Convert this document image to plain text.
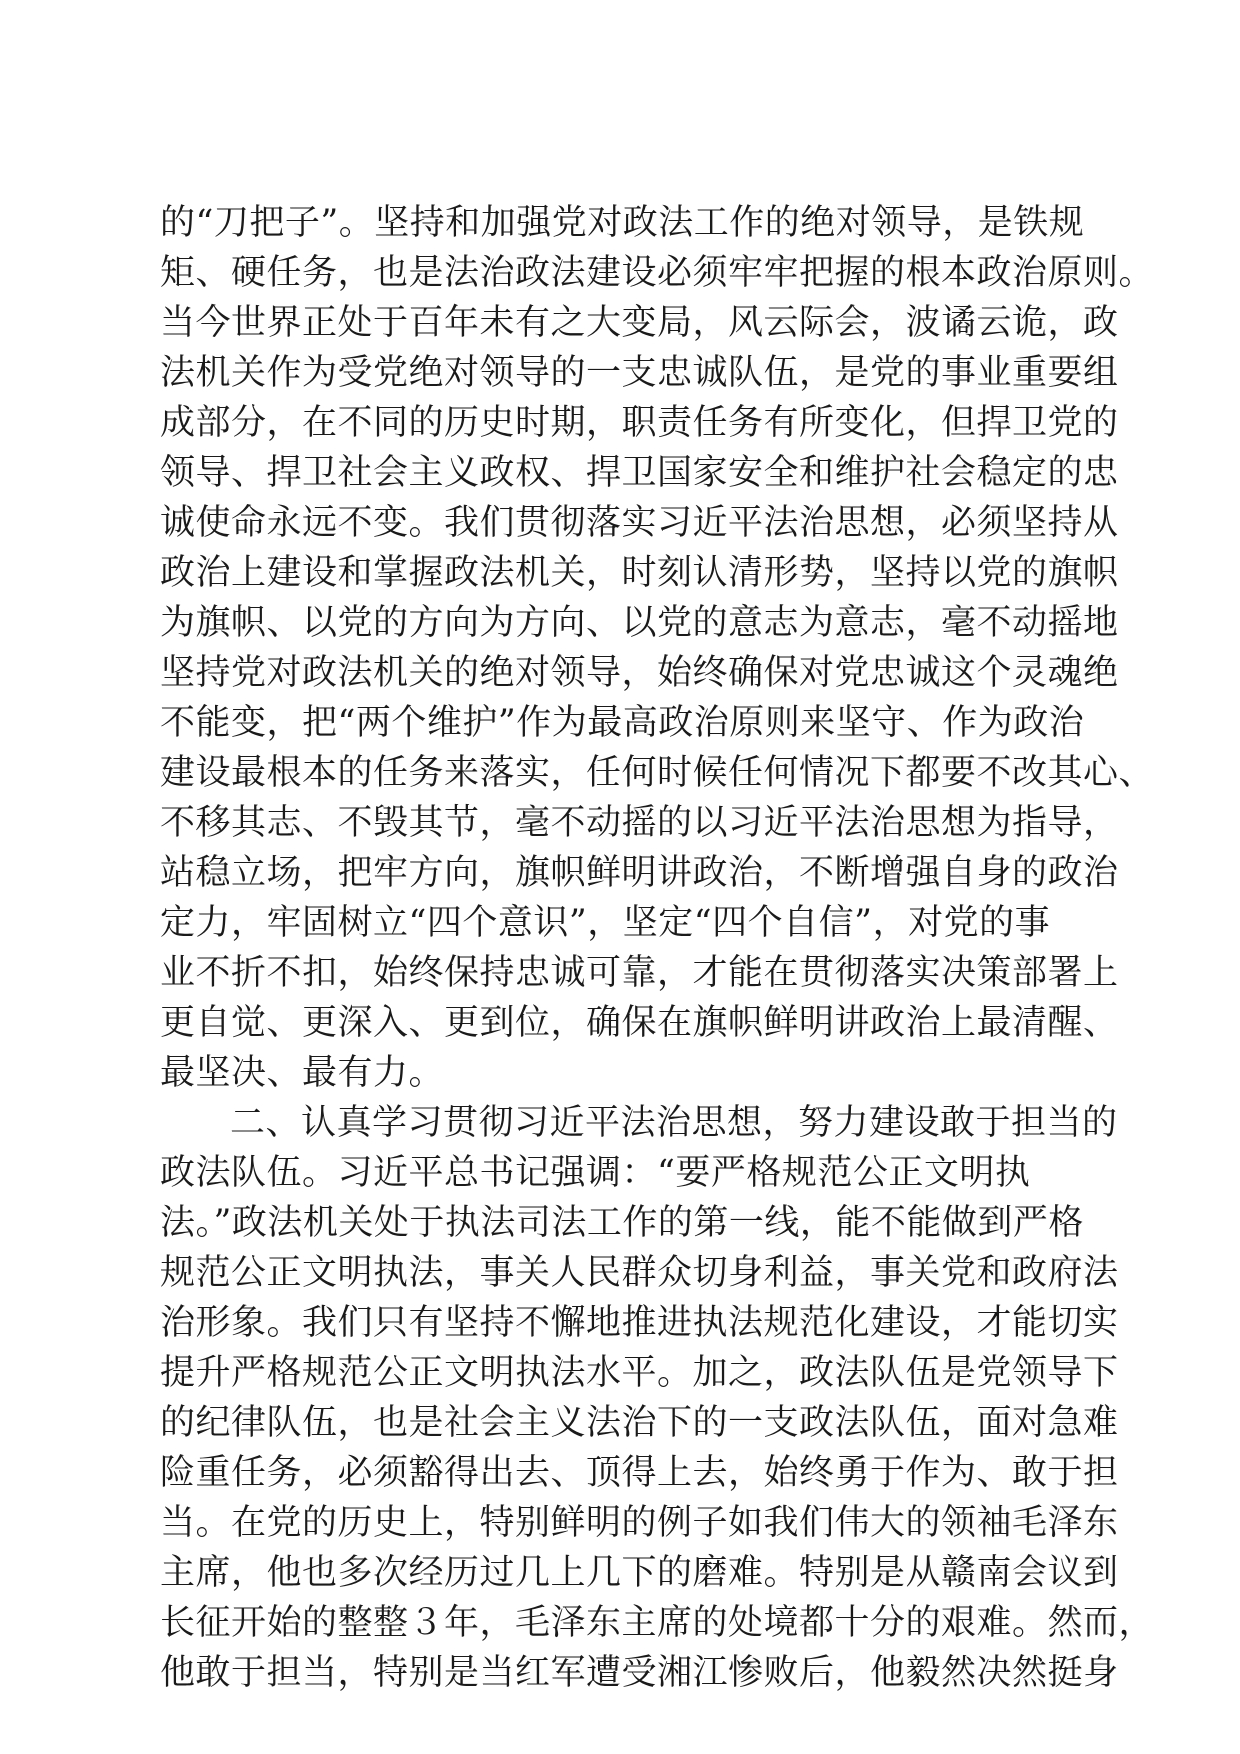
的“刀把子”。坚持和加强党对政法工作的绝对领导，是铁规
矩、硬任务，也是法治政法建设必须牢牢把握的根本政治原则。
当今世界正处于百年未有之大变局，风云际会，波谲云诡，政
法机关作为受党绝对领导的一支忠诚队伍，是党的事业重要组
成部分，在不同的历史时期，职责任务有所变化，但捍卫党的
领导、捍卫社会主义政权、捍卫国家安全和维护社会稳定的忠
诚使命永远不变。我们贯彻落实习近平法治思想，必须坚持从
政治上建设和掌握政法机关，时刻认清形势，坚持以党的旗帜
为旗帜、以党的方向为方向、以党的意志为意志，毫不动摇地
坚持党对政法机关的绝对领导，始终确保对党忠诚这个灵魂绝
不能变，把“两个维护”作为最高政治原则来坚守、作为政治
建设最根本的任务来落实，任何时候任何情况下都要不改其心、
不移其志、不毁其节，毫不动摇的以习近平法治思想为指导，
站稳立场，把牢方向，旗帜鲜明讲政治，不断增强自身的政治
定力，牢固树立“四个意识”，坚定“四个自信”，对党的事
业不折不扣，始终保持忠诚可靠，才能在贯彻落实决策部署上
更自觉、更深入、更到位，确保在旗帜鲜明讲政治上最清醒、
最坚决、最有力。
二、认真学习贯彻习近平法治思想，努力建设敢于担当的
政法队伍。习近平总书记强调：“要严格规范公正文明执
法。”政法机关处于执法司法工作的第一线，能不能做到严格
规范公正文明执法，事关人民群众切身利益，事关党和政府法
治形象。我们只有坚持不懈地推进执法规范化建设，才能切实
提升严格规范公正文明执法水平。加之，政法队伍是党领导下
的纪律队伍，也是社会主义法治下的一支政法队伍，面对急难
险重任务，必须豁得出去、顶得上去，始终勇于作为、敢于担
当。在党的历史上，特别鲜明的例子如我们伟大的领袖毛泽东
主席，他也多次经历过几上几下的磨难。特别是从赣南会议到
长征开始的整整３年，毛泽东主席的处境都十分的艰难。然而，
他敢于担当，特别是当红军遭受湘江惨败后，他毅然决然挺身
